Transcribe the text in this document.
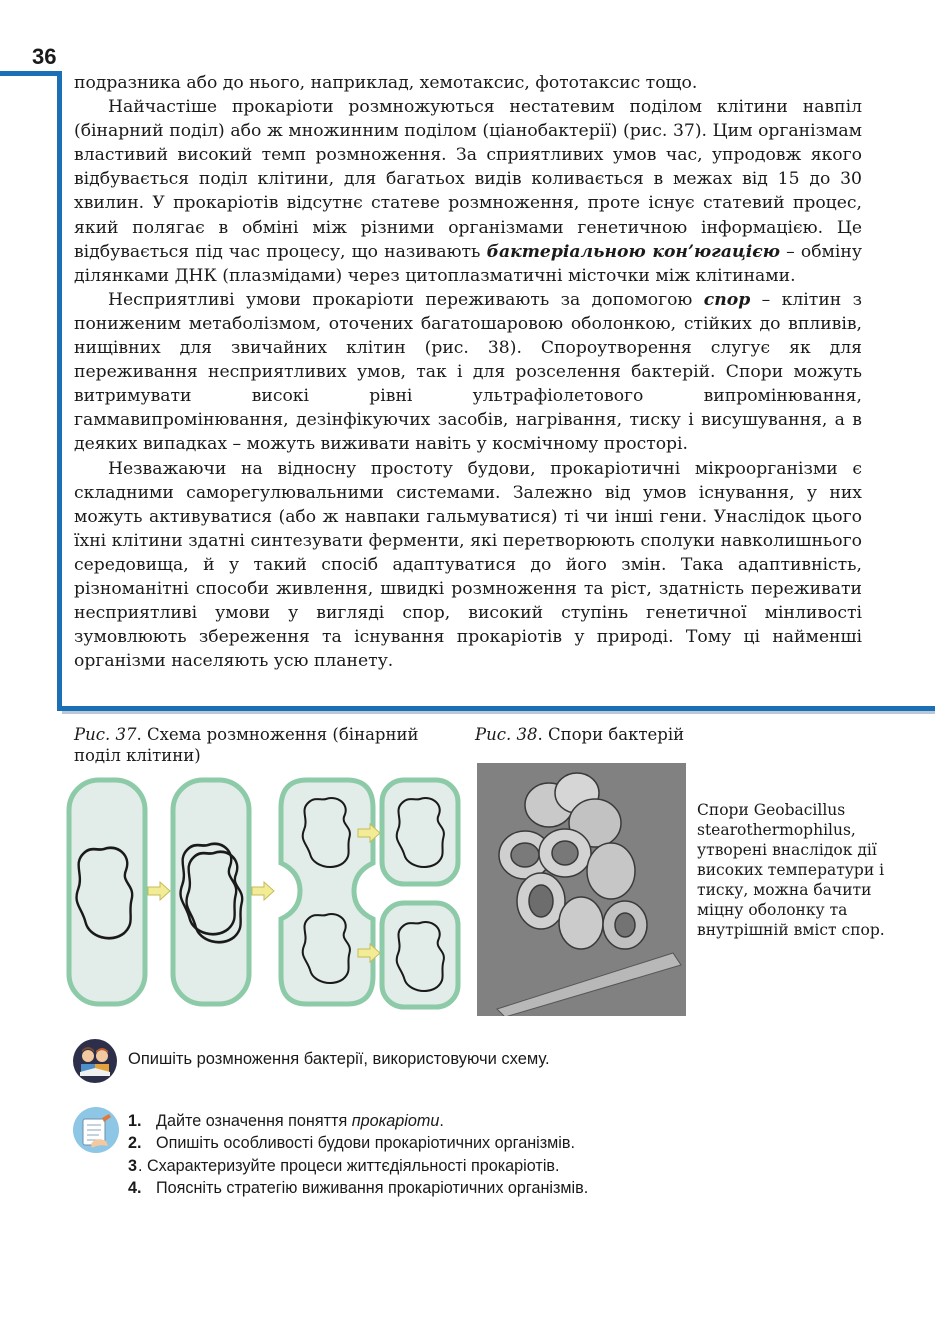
36

подразника або до нього, наприклад, хемотаксис, фототаксис тощо.

Найчастіше прокаріоти розмножуються нестатевим поділом клітини навпіл (бінарний поділ) або ж множинним поділом (ціанобактерії) (рис. 37). Цим організмам властивий високий темп розмноження. За сприятливих умов час, упродовж якого відбувається поділ клітини, для багатьох видів коливається в межах від 15 до 30 хвилин. У прокаріотів відсутнє статеве розмноження, проте існує статевий процес, який полягає в обміні між різними організмами генетичною інформацією. Це відбувається під час процесу, що називають бактеріальною кон’югацією – обміну ділянками ДНК (плазмідами) через цитоплазматичні місточки між клітинами.

Несприятливі умови прокаріоти переживають за допомогою спор – клітин з пониженим метаболізмом, оточених багатошаровою оболонкою, стійких до впливів, нищівних для звичайних клітин (рис. 38). Спороутворення слугує як для переживання несприятливих умов, так і для розселення бактерій. Спори можуть витримувати високі рівні ультрафіолетового випромінювання, гаммавипромінювання, дезінфікуючих засобів, нагрівання, тиску і висушування, а в деяких випадках – можуть виживати навіть у космічному просторі.

Незважаючи на відносну простоту будови, прокаріотичні мікроорганізми є складними саморегулювальними системами. Залежно від умов існування, у них можуть активуватися (або ж навпаки гальмуватися) ті чи інші гени. Унаслідок цього їхні клітини здатні синтезувати ферменти, які перетворюють сполуки навколишнього середовища, й у такий спосіб адаптуватися до його змін. Така адаптивність, різноманітні способи живлення, швидкі розмноження та ріст, здатність переживати несприятливі умови у вигляді спор, високий ступінь генетичної мінливості зумовлюють збереження та існування прокаріотів у природі. Тому ці найменші організми населяють усю планету.

Рис. 37. Схема розмноження (бінарний поділ клітини)
Рис. 38. Спори бактерій
Спори Geobacillus stearothermophilus, утворені внаслідок дії високих температури і тиску, можна бачити міцну оболонку та внутрішній вміст спор.
Опишіть розмноження бактерії, використовуючи схему.
1. Дайте означення поняття прокаріоти.
2. Опишіть особливості будови прокаріотичних організмів.
3. Схарактеризуйте процеси життєдіяльності прокаріотів.
4. Поясніть стратегію виживання прокаріотичних організмів.
